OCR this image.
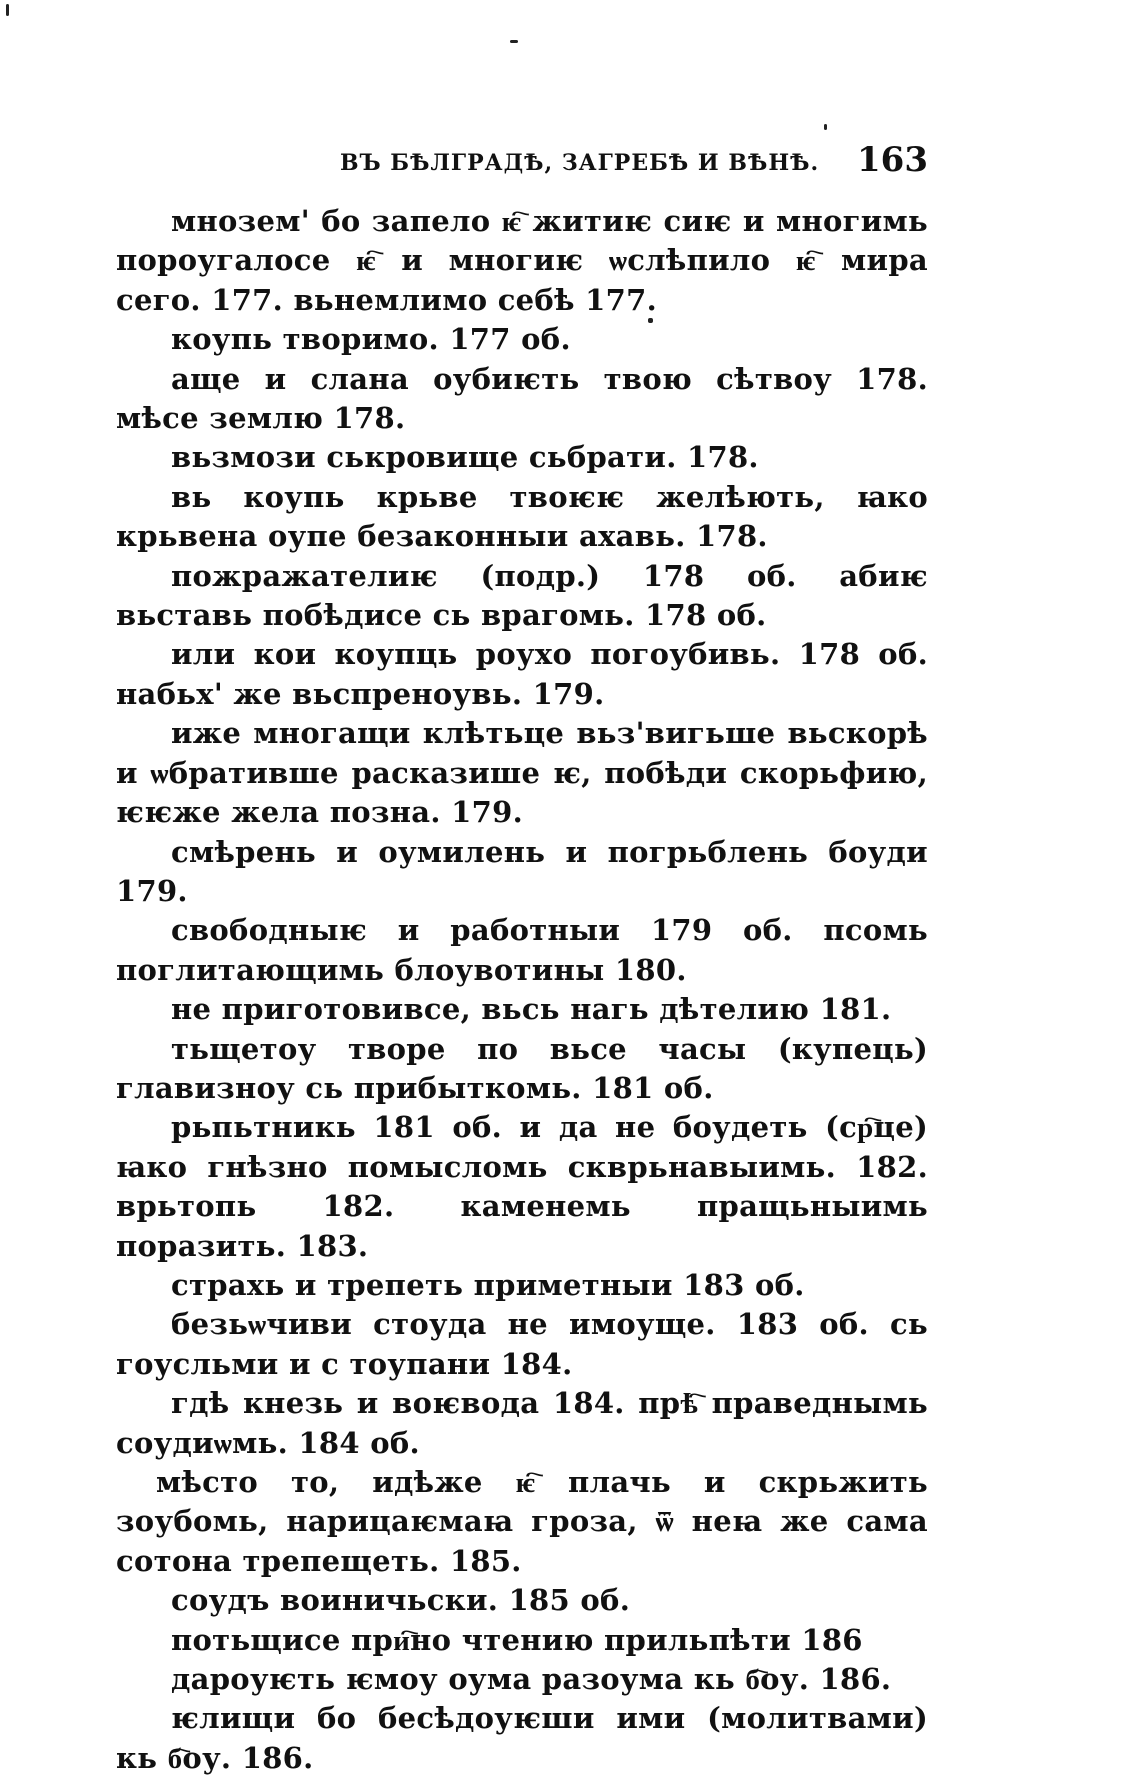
ВЪ БѢЛГРАДѢ, ЗАГРЕБѢ И ВѢНѢ. 163

мнозем' бо запело ѥ҇ житиѥ сиѥ и многимь пороугалосе ѥ҇ и многиѥ ѡслѣпило ѥ҇ мира сего. 177. вьнемлимо себѣ 177.

коупь творимо. 177 об.

аще и слана оубиѥть твою сѣтвоу 178. мѣсе землю 178.

вьзмози ськровище сьбрати. 178.

вь коупь крьве твоѥѥ желѣють, ꙗко крьвена оупе безаконныи ахавь. 178.

пожражателиѥ (подр.) 178 об. абиѥ вьставь побѣдисе сь врагомь. 178 об.

или кои коупць роухо погоубивь. 178 об. набьх' же вьспреноувь. 179.

иже многащи клѣтьце вьз'вигьше вьскорѣ и ѡбративше расказише ѥ, побѣди скорьфию, ѥѥже жела позна. 179.

смѣрень и оумилень и погрьблень боуди 179.

свободныѥ и работныи 179 об. псомь поглитающимь блоувотины 180.

не приготовивсе, вьсь нагь дѣтелию 181.

тьщетоу творе по вьсе часы (купець) главизноу сь прибыткомь. 181 об.

рьпьтникь 181 об. и да не боудеть (ср҇це) ꙗко гнѣзно помысломь скврьнавыимь. 182. врьтопь 182. каменемь пращьныимь поразить. 183.

страхь и трепеть приметныи 183 об.

безьѡчиви стоуда не имоуще. 183 об. сь гоусльми и с тоупани 184.

гдѣ кнезь и воѥвода 184. прѣ҇ праведнымь соудиѡмь. 184 об.

мѣсто то, идѣже ѥ҇ плачь и скрьжить зоубомь, нарицаѥмаꙗ гроза, ѿ неꙗ же сама сотона трепещеть. 185.

соудъ воиничьски. 185 об.

потьщисе при҇но чтению прильпѣти 186

дароуѥть ѥмоу оума разоума кь б҇оу. 186.

ѥлищи бо бесѣдоуѥши ими (молитвами) кь б҇оу. 186.
